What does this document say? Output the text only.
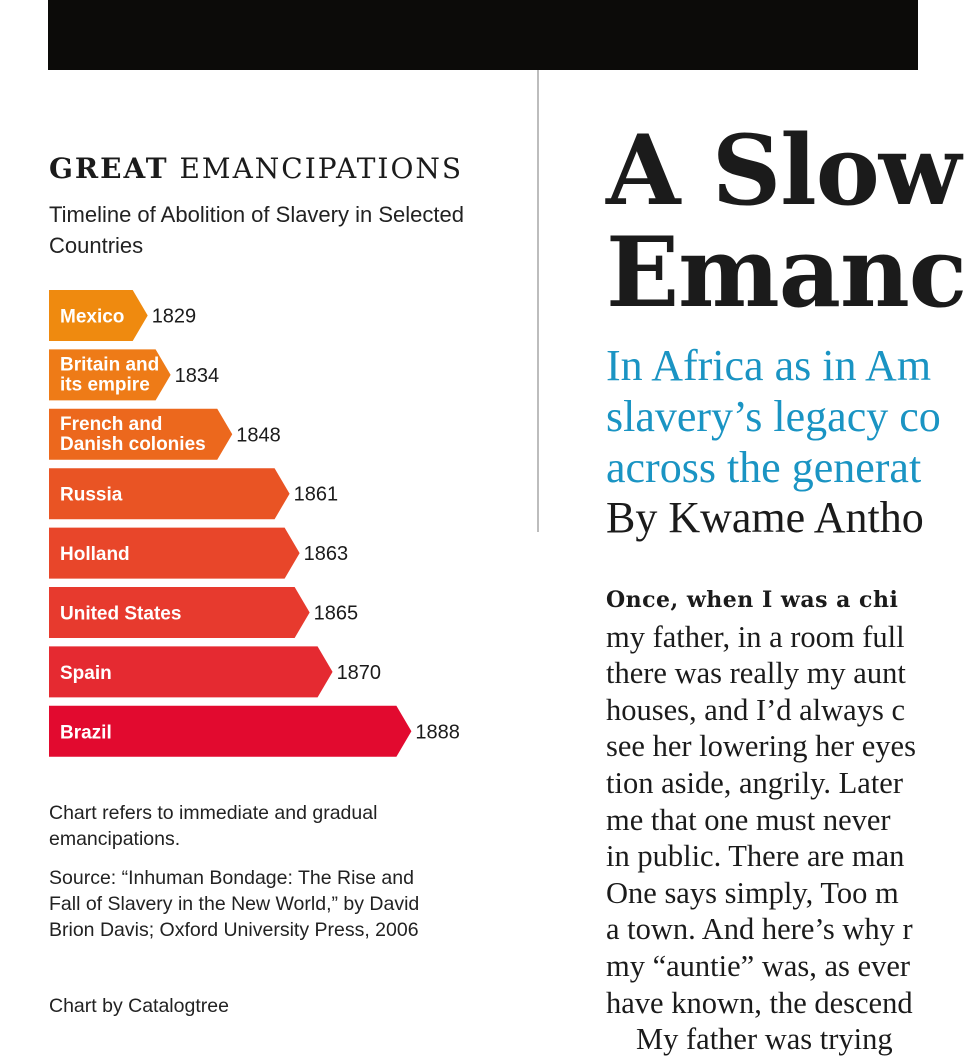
GREAT EMANCIPATIONS
Timeline of Abolition of Slavery in Selected Countries
Mexico 1829
Britain and its empire	1834
French and Danish colonies 1848
Russia	1861
Holland	1863
United States	1865
Spain	1870
Brazil	1888
Chart refers to immediate and gradual emancipations.
Source: “Inhuman Bondage: The Rise and Fall of Slavery in the New World,” by David Brion Davis; Oxford University Press, 2006
Chart by Catalogtree
A Slow
Emanc
In Africa as in Am
slavery’s legacy co
across the generat
By Kwame Antho
Once, when I was a chi
my father, in a room full
there was really my aunt
houses, and I’d always c
see her lowering her eyes
tion aside, angrily. Later
me that one must never
in public. There are man
One says simply, Too m
a town. And here’s why r
my “auntie” was, as ever
have known, the descend
My father was trying
